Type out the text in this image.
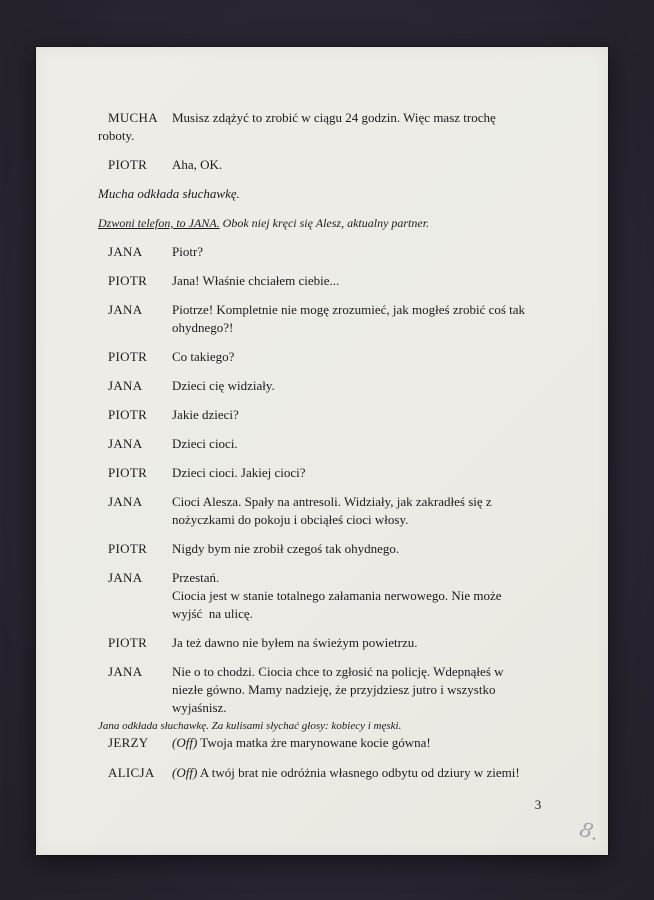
MUCHA	Musisz zdążyć to zrobić w ciągu 24 godzin. Więc masz trochę
roboty.
PIOTR	Aha, OK.
Mucha odkłada słuchawkę.
Dzwoni telefon, to JANA. Obok niej kręci się Alesz, aktualny partner.
JANA	Piotr?
PIOTR	Jana! Właśnie chciałem ciebie...
JANA	Piotrze! Kompletnie nie mogę zrozumieć, jak mogłeś zrobić coś tak
ohydnego?!
PIOTR	Co takiego?
JANA	Dzieci cię widziały.
PIOTR	Jakie dzieci?
JANA	Dzieci cioci.
PIOTR	Dzieci cioci. Jakiej cioci?
JANA	Cioci Alesza. Spały na antresoli. Widziały, jak zakradłeś się z
nożyczkami do pokoju i obciąłeś cioci włosy.
PIOTR	Nigdy bym nie zrobił czegoś tak ohydnego.
JANA	Przestań.
Ciocia jest w stanie totalnego załamania nerwowego. Nie może
wyjść  na ulicę.
PIOTR	Ja też dawno nie byłem na świeżym powietrzu.
JANA	Nie o to chodzi. Ciocia chce to zgłosić na policję. Wdepnąłeś w
niezłe gówno. Mamy nadzieję, że przyjdziesz jutro i wszystko
wyjaśnisz.
Jana odkłada słuchawkę. Za kulisami słychać głosy: kobiecy i męski.
JERZY	(Off) Twoja matka żre marynowane kocie gówna!
ALICJA	(Off) A twój brat nie odróżnia własnego odbytu od dziury w ziemi!
3
8.
